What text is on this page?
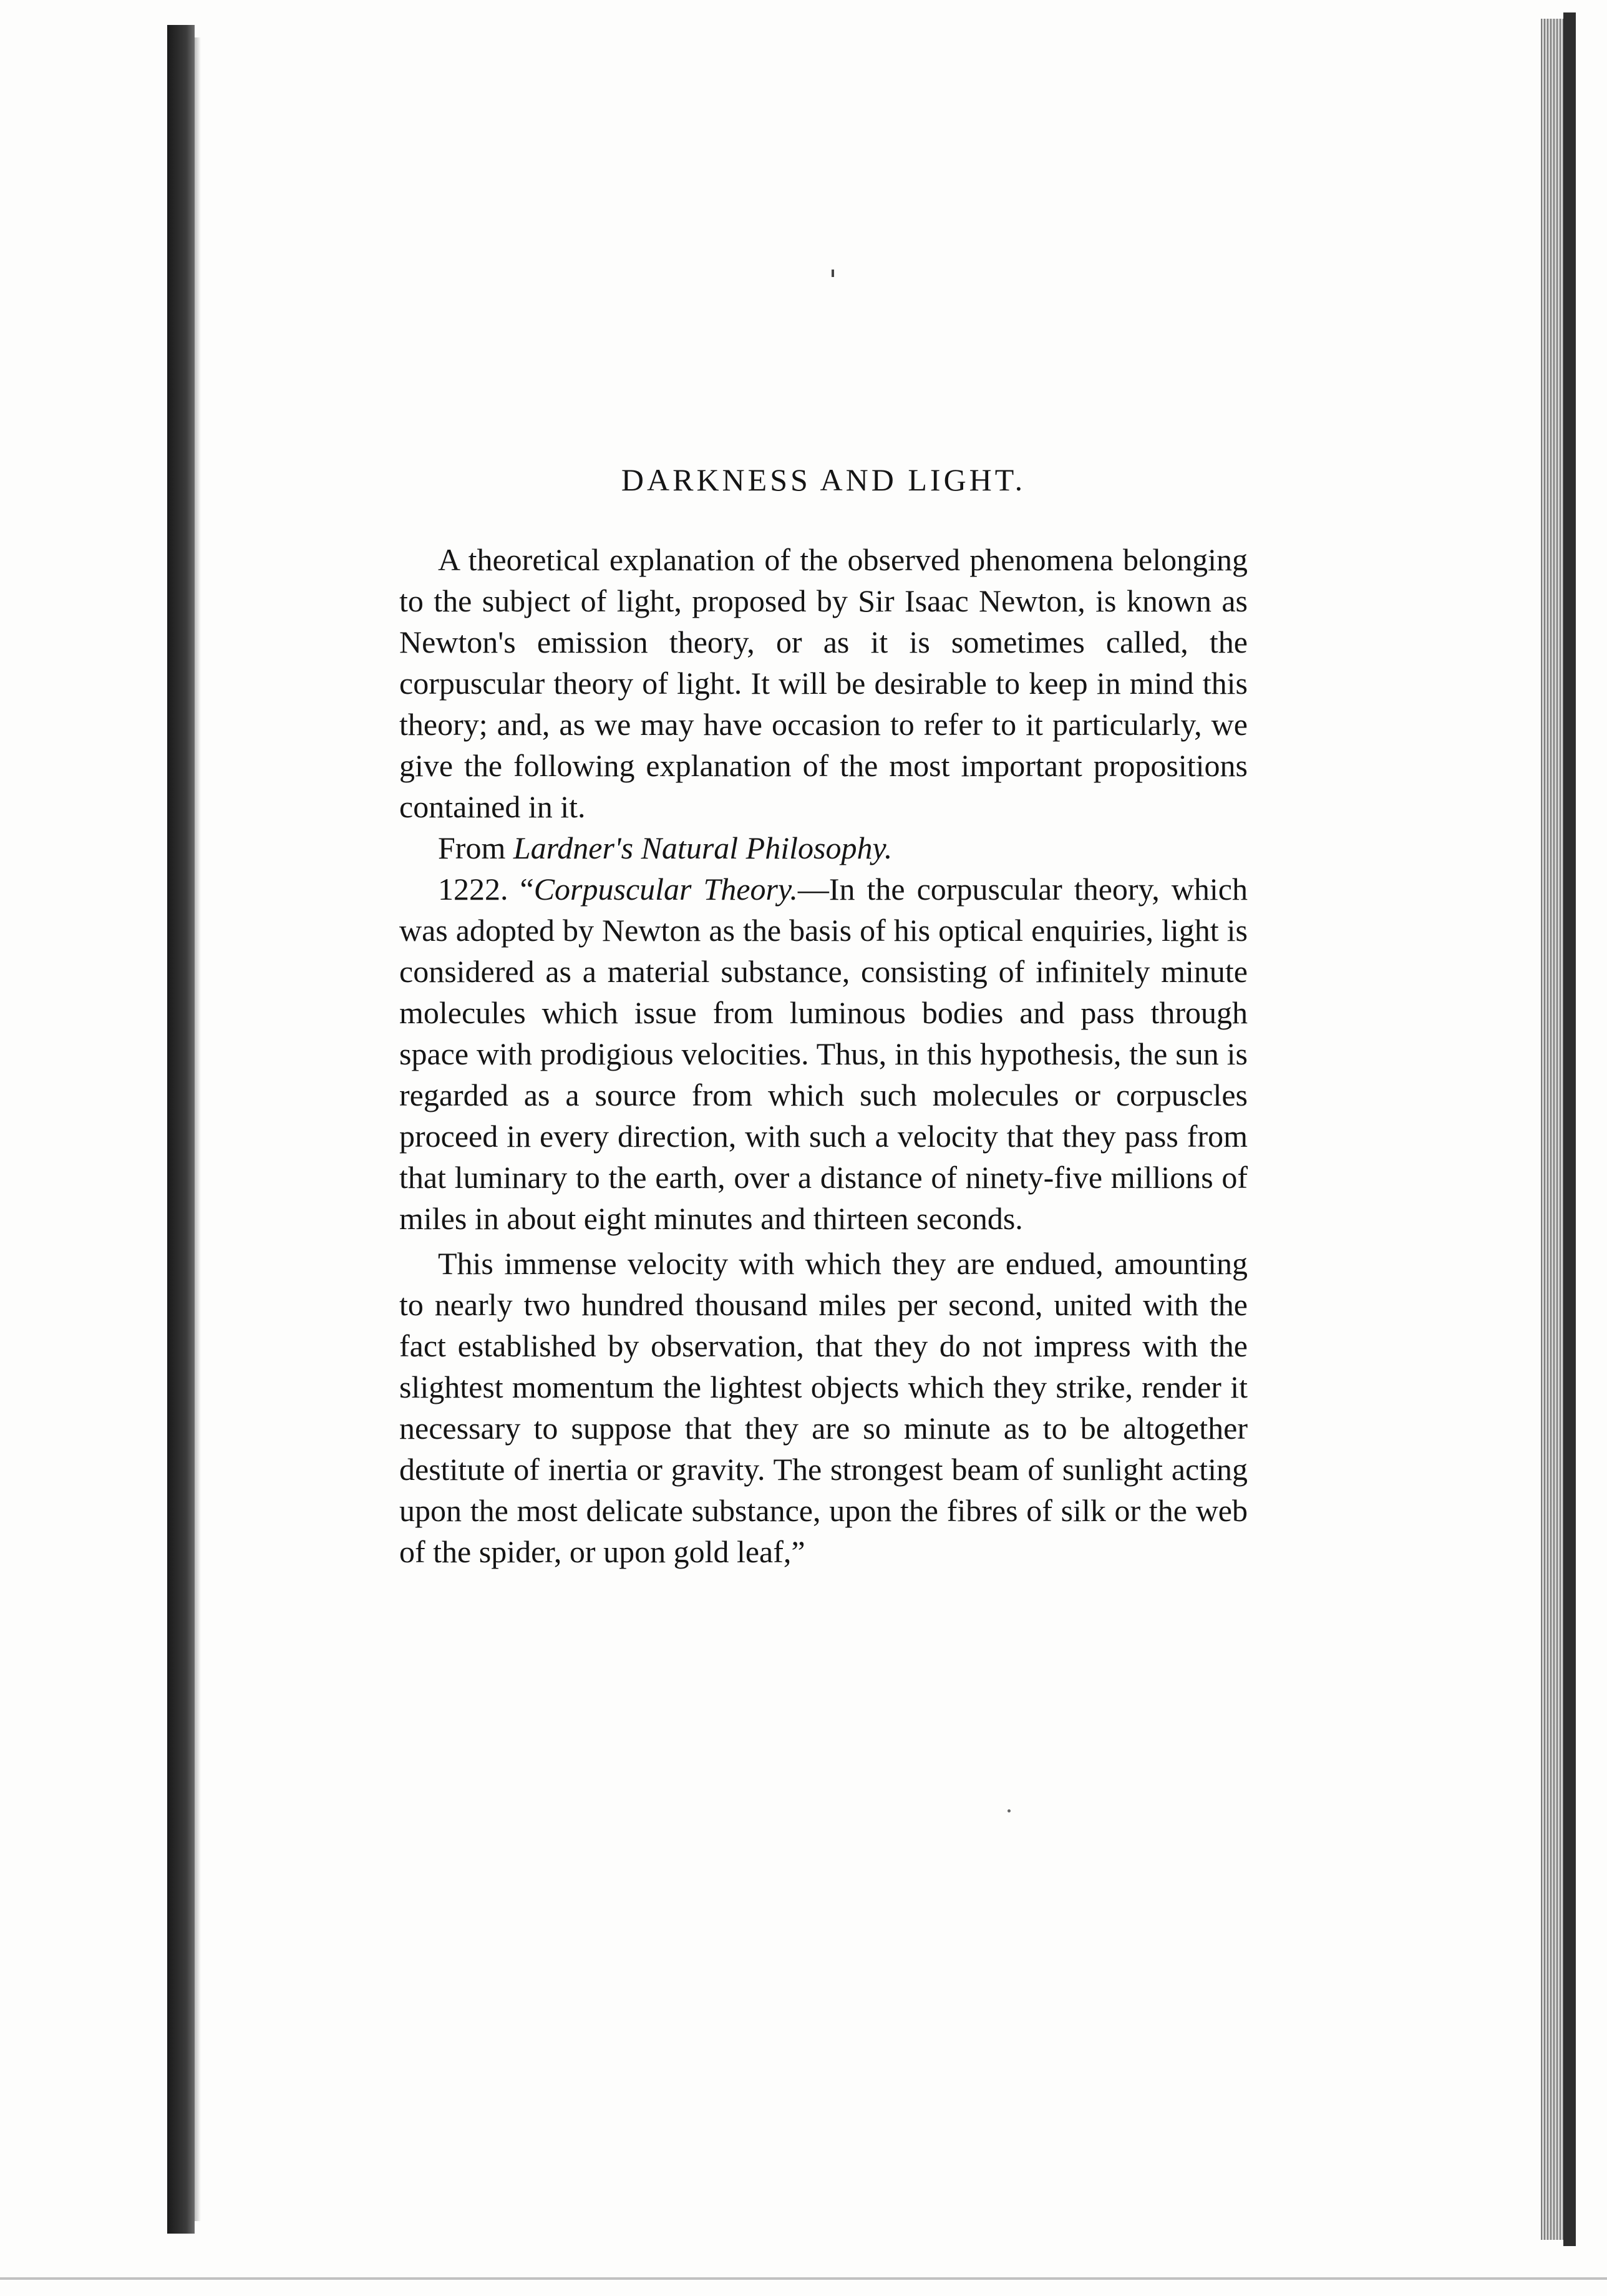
DARKNESS AND LIGHT.

A theoretical explanation of the observed phenomena belonging to the subject of light, proposed by Sir Isaac Newton, is known as Newton's emission theory, or as it is sometimes called, the corpuscular theory of light. It will be desirable to keep in mind this theory; and, as we may have occasion to refer to it particularly, we give the following explanation of the most important propositions contained in it.

From Lardner's Natural Philosophy.

1222. “Corpuscular Theory.—In the corpuscular theory, which was adopted by Newton as the basis of his optical enquiries, light is considered as a material substance, consisting of infinitely minute molecules which issue from luminous bodies and pass through space with prodigious velocities. Thus, in this hypothesis, the sun is regarded as a source from which such molecules or corpuscles proceed in every direction, with such a velocity that they pass from that luminary to the earth, over a distance of ninety-five millions of miles in about eight minutes and thirteen seconds.

This immense velocity with which they are endued, amounting to nearly two hundred thousand miles per second, united with the fact established by observation, that they do not impress with the slightest momentum the lightest objects which they strike, render it necessary to suppose that they are so minute as to be altogether destitute of inertia or gravity. The strongest beam of sunlight acting upon the most delicate substance, upon the fibres of silk or the web of the spider, or upon gold leaf,”
